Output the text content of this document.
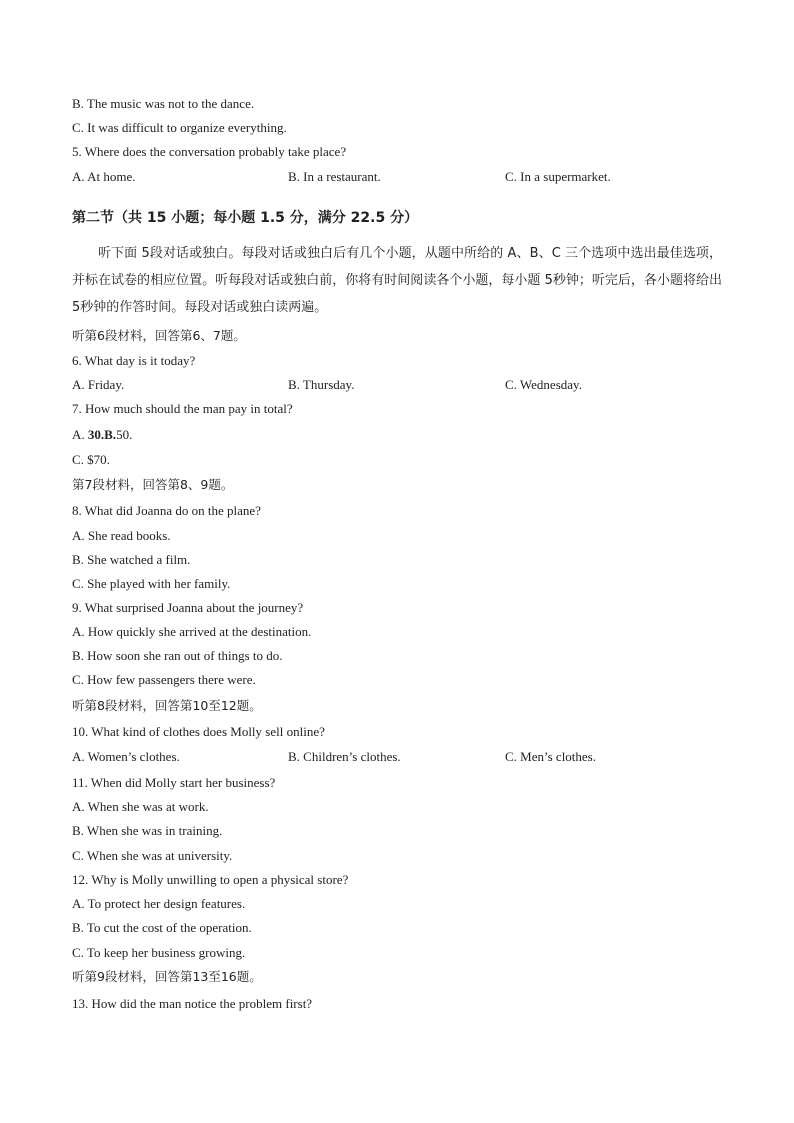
B. The music was not to the dance.
C. It was difficult to organize everything.
5. Where does the conversation probably take place?
A. At home.	B. In a restaurant.	C. In a supermarket.
第二节（共 15 小题；每小题 1.5 分，满分 22.5 分）
听下面 5段对话或独白。每段对话或独白后有几个小题，从题中所给的 A、B、C 三个选项中选出最佳选项，并标在试卷的相应位置。听每段对话或独白前，你将有时间阅读各个小题，每小题 5秒钟；听完后，各小题将给出 5秒钟的作答时间。每段对话或独白读两遍。
听第6段材料，回答第6、7题。
6. What day is it today?
A. Friday.	B. Thursday.	C. Wednesday.
7. How much should the man pay in total?
A. 30.B.50.
C. $70.
第7段材料，回答第8、9题。
8. What did Joanna do on the plane?
A. She read books.
B. She watched a film.
C. She played with her family.
9. What surprised Joanna about the journey?
A. How quickly she arrived at the destination.
B. How soon she ran out of things to do.
C. How few passengers there were.
听第8段材料，回答第10至12题。
10. What kind of clothes does Molly sell online?
A. Women’s clothes.	B. Children’s clothes.	C. Men’s clothes.
11. When did Molly start her business?
A. When she was at work.
B. When she was in training.
C. When she was at university.
12. Why is Molly unwilling to open a physical store?
A. To protect her design features.
B. To cut the cost of the operation.
C. To keep her business growing.
听第9段材料，回答第13至16题。
13. How did the man notice the problem first?
